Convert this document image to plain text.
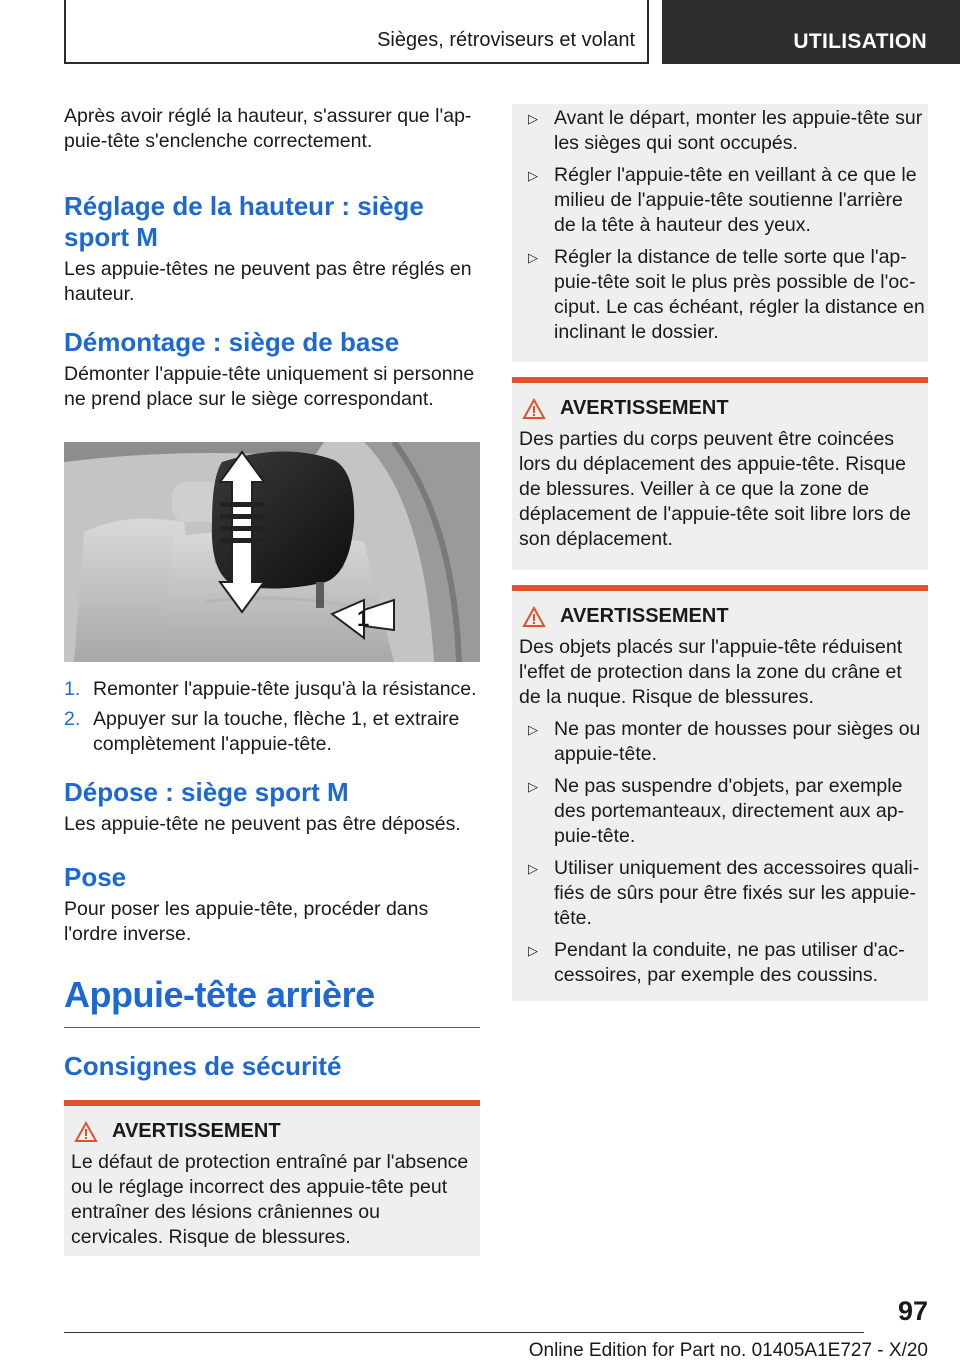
Sièges, rétroviseurs et volant	UTILISATION

Après avoir réglé la hauteur, s'assurer que l'appuie-tête s'enclenche correctement.

Réglage de la hauteur : siège sport M

Les appuie-têtes ne peuvent pas être réglés en hauteur.

Démontage : siège de base

Démonter l'appuie-tête uniquement si personne ne prend place sur le siège correspondant.

1
1. Remonter l'appuie-tête jusqu'à la résistance.
2. Appuyer sur la touche, flèche 1, et extraire complètement l'appuie-tête.
Dépose : siège sport M

Les appuie-tête ne peuvent pas être déposés.

Pose

Pour poser les appuie-tête, procéder dans l'ordre inverse.

Appuie-tête arrière
Consignes de sécurité
AVERTISSEMENT

Le défaut de protection entraîné par l'absence ou le réglage incorrect des appuie-tête peut entraîner des lésions crâniennes ou cervicales. Risque de blessures.

▷ Avant le départ, monter les appuie-tête sur les sièges qui sont occupés.
▷ Régler l'appuie-tête en veillant à ce que le milieu de l'appuie-tête soutienne l'arrière de la tête à hauteur des yeux.
▷ Régler la distance de telle sorte que l'appuie-tête soit le plus près possible de l'occiput. Le cas échéant, régler la distance en inclinant le dossier.
AVERTISSEMENT

Des parties du corps peuvent être coincées lors du déplacement des appuie-tête. Risque de blessures. Veiller à ce que la zone de déplacement de l'appuie-tête soit libre lors de son déplacement.

AVERTISSEMENT

Des objets placés sur l'appuie-tête réduisent l'effet de protection dans la zone du crâne et de la nuque. Risque de blessures.

▷ Ne pas monter de housses pour sièges ou appuie-tête.
▷ Ne pas suspendre d'objets, par exemple des portemanteaux, directement aux appuie-tête.
▷ Utiliser uniquement des accessoires qualifiés de sûrs pour être fixés sur les appuie-tête.
▷ Pendant la conduite, ne pas utiliser d'accessoires, par exemple des coussins.
97
Online Edition for Part no. 01405A1E727 - X/20
